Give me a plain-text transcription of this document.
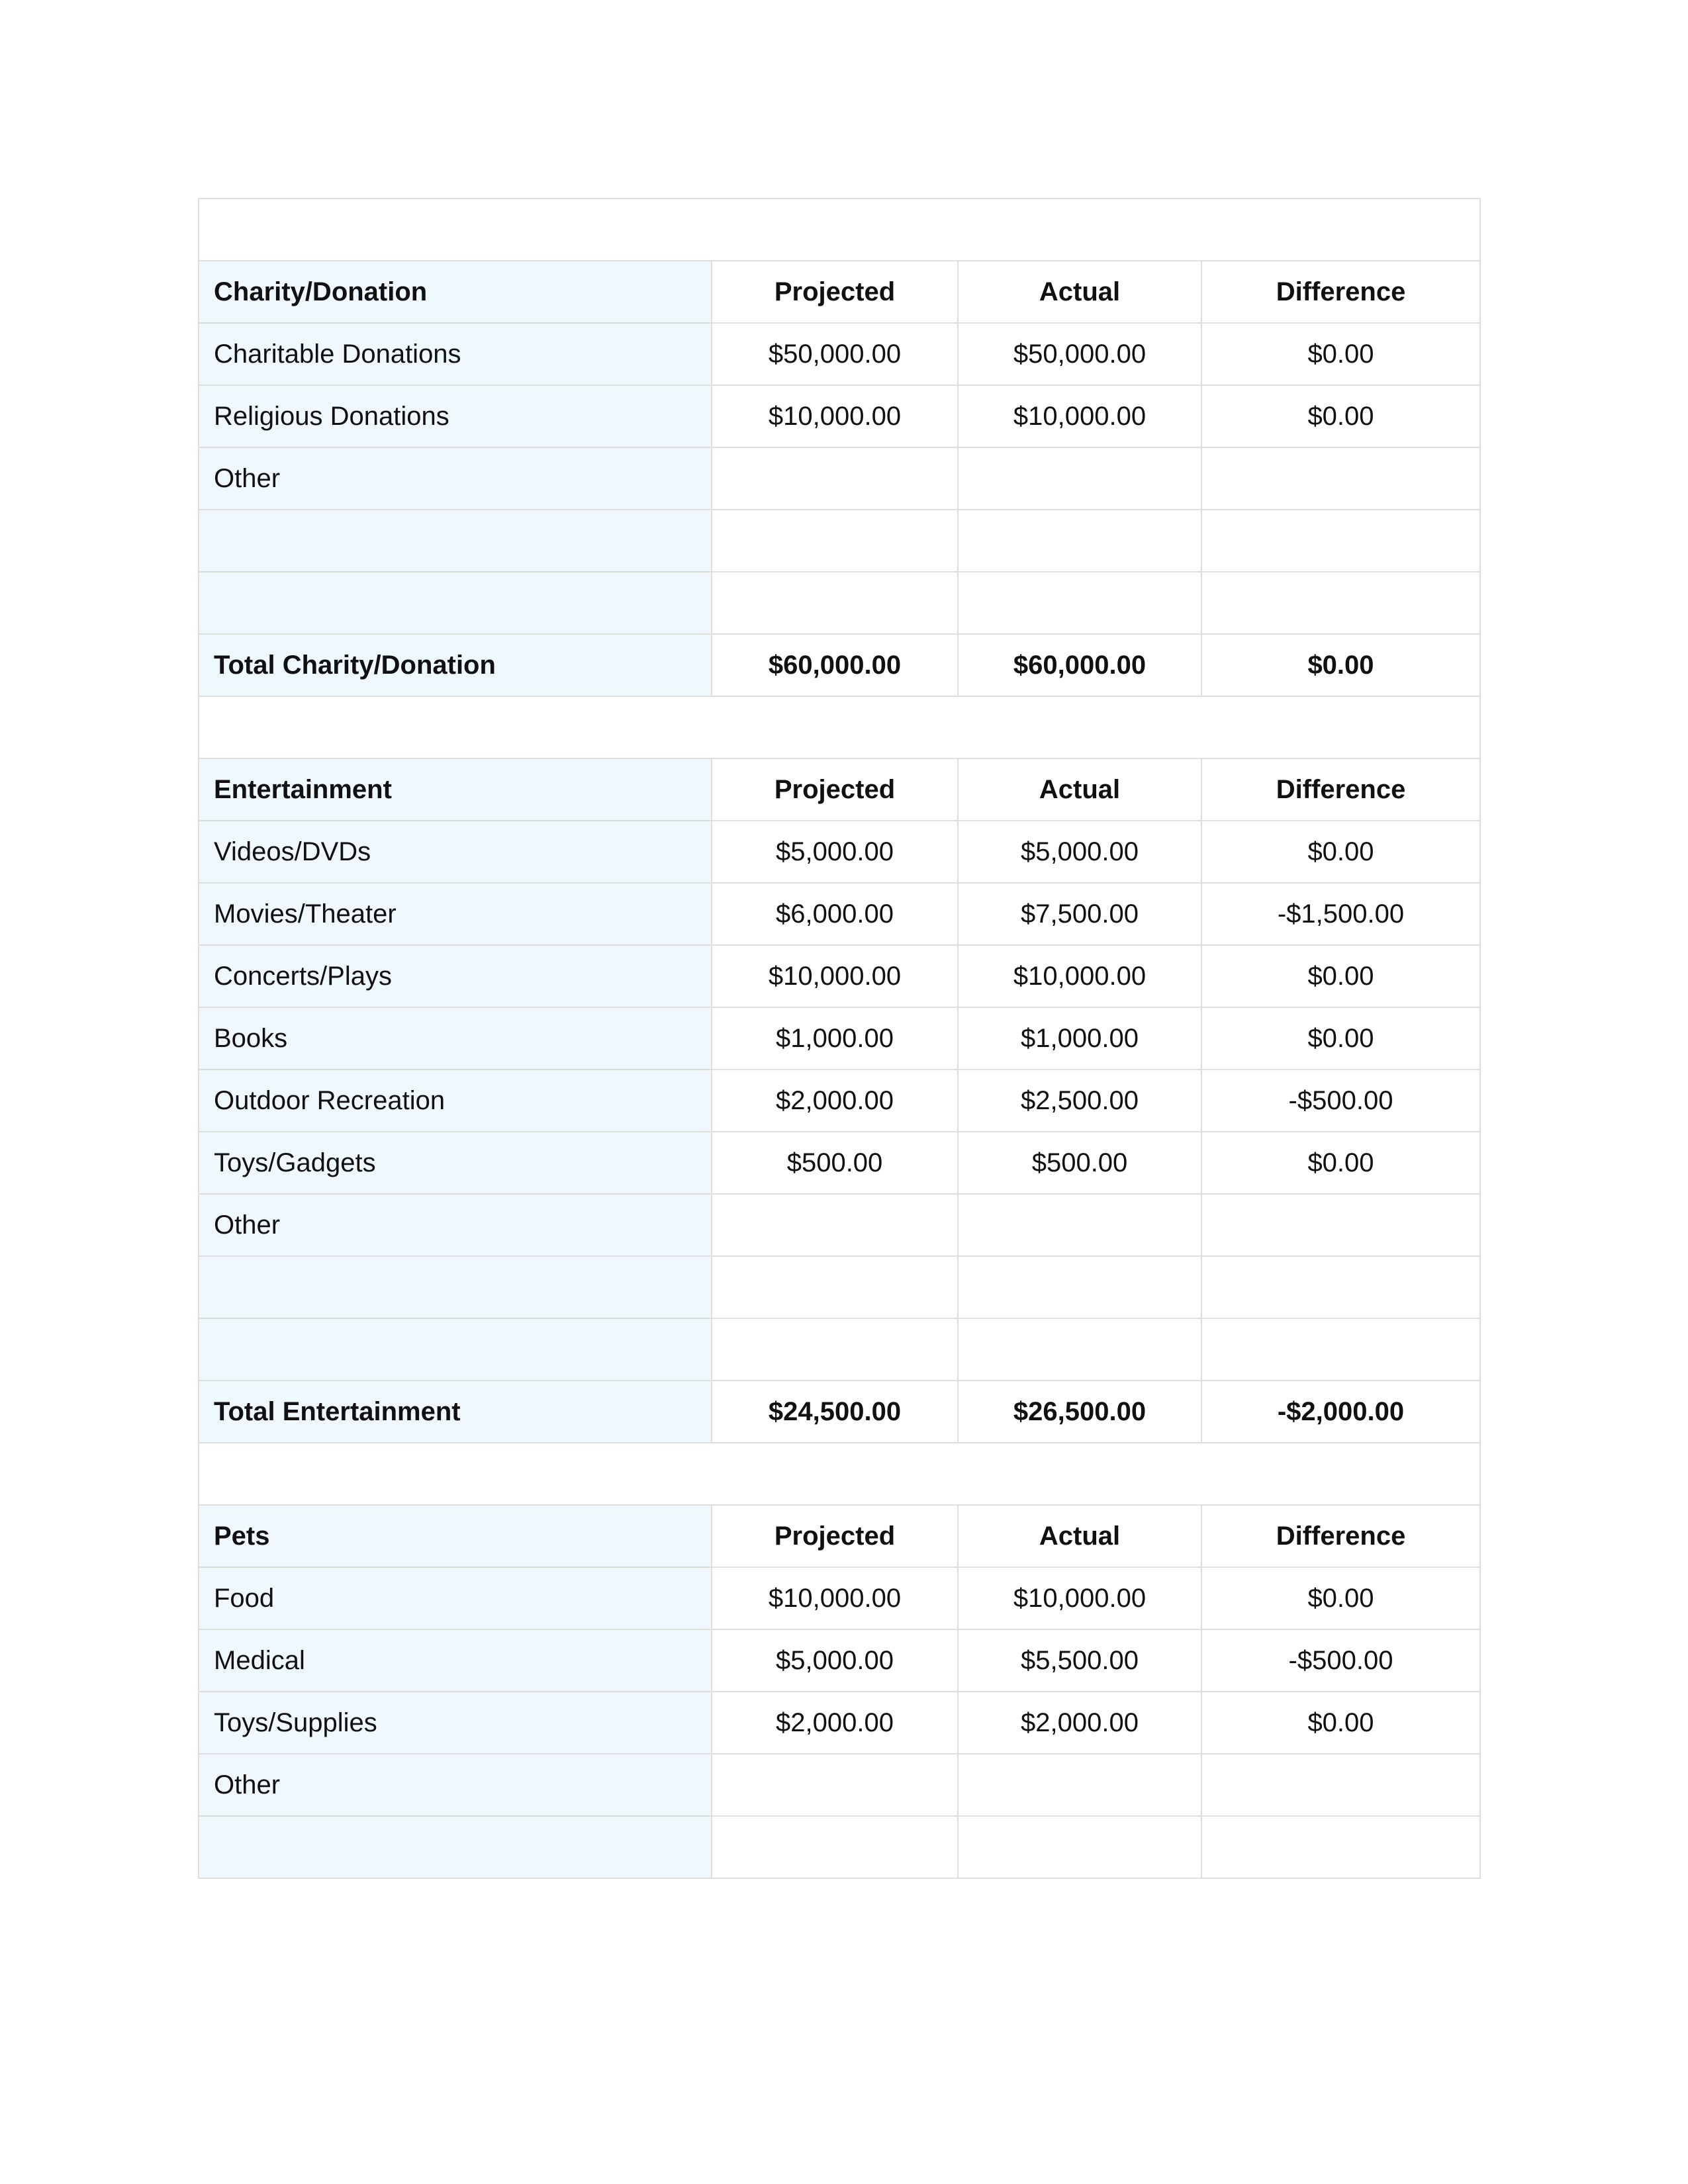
Charity/Donation	Projected	Actual	Difference
Charitable Donations	$50,000.00	$50,000.00	$0.00
Religious Donations	$10,000.00	$10,000.00	$0.00
Other			

Total Charity/Donation	$60,000.00	$60,000.00	$0.00

Entertainment	Projected	Actual	Difference
Videos/DVDs	$5,000.00	$5,000.00	$0.00
Movies/Theater	$6,000.00	$7,500.00	-$1,500.00
Concerts/Plays	$10,000.00	$10,000.00	$0.00
Books	$1,000.00	$1,000.00	$0.00
Outdoor Recreation	$2,000.00	$2,500.00	-$500.00
Toys/Gadgets	$500.00	$500.00	$0.00
Other			

Total Entertainment	$24,500.00	$26,500.00	-$2,000.00

Pets	Projected	Actual	Difference
Food	$10,000.00	$10,000.00	$0.00
Medical	$5,000.00	$5,500.00	-$500.00
Toys/Supplies	$2,000.00	$2,000.00	$0.00
Other			
